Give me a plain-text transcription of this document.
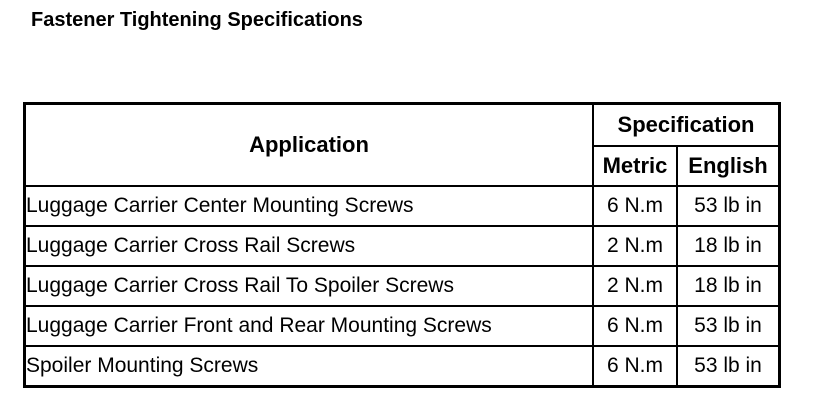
Fastener Tightening Specifications
Application	Specification	
	Metric	English
Luggage Carrier Center Mounting Screws	6 N.m	53 lb in
Luggage Carrier Cross Rail Screws	2 N.m	18 lb in
Luggage Carrier Cross Rail To Spoiler Screws	2 N.m	18 lb in
Luggage Carrier Front and Rear Mounting Screws	6 N.m	53 lb in
Spoiler Mounting Screws	6 N.m	53 lb in
